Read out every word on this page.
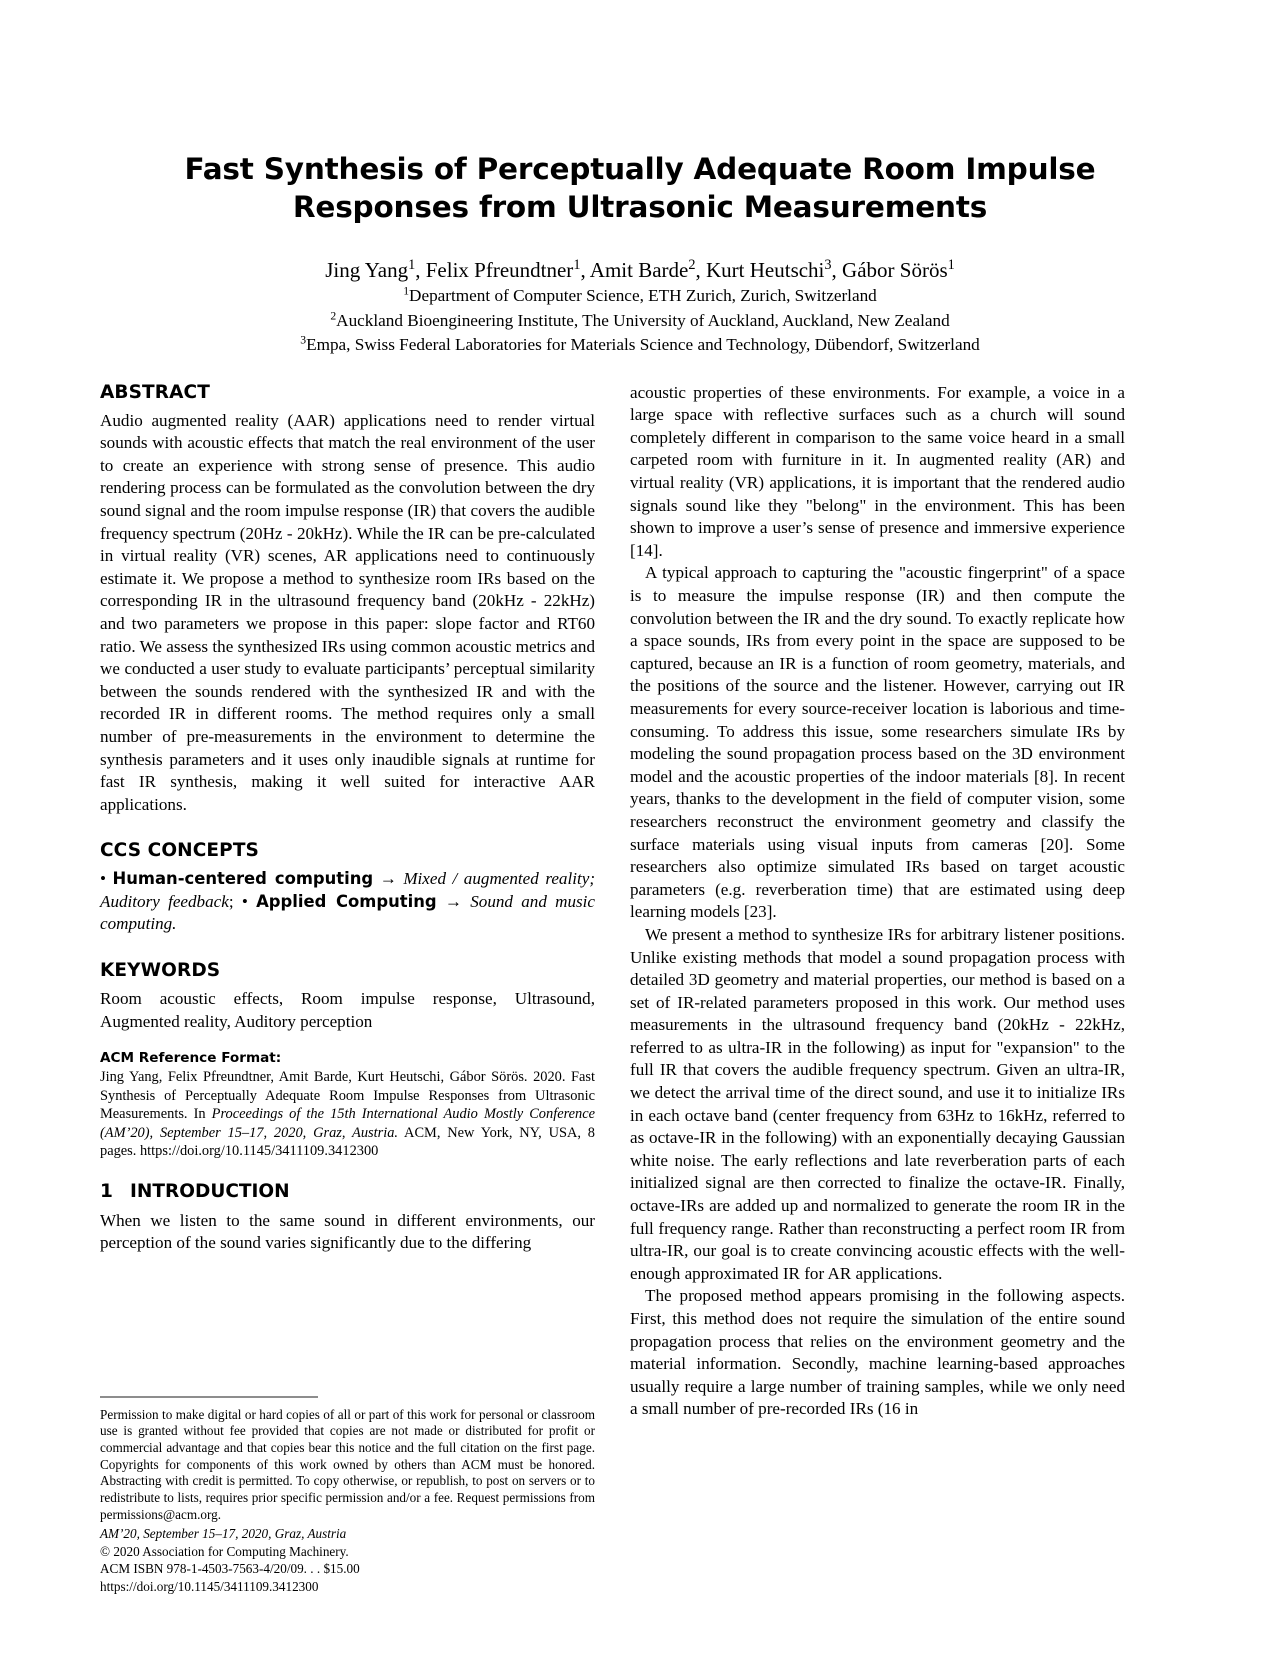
Fast Synthesis of Perceptually Adequate Room Impulse Responses from Ultrasonic Measurements
Jing Yang$^1$, Felix Pfreundtner$^1$, Amit Barde$^2$, Kurt Heutschi$^3$, Gábor Sörös$^1$
$^1$Department of Computer Science, ETH Zurich, Zurich, Switzerland
$^2$Auckland Bioengineering Institute, The University of Auckland, Auckland, New Zealand
$^3$Empa, Swiss Federal Laboratories for Materials Science and Technology, Dübendorf, Switzerland
ABSTRACT

Audio augmented reality (AAR) applications need to render virtual sounds with acoustic effects that match the real environment of the user to create an experience with strong sense of presence. This audio rendering process can be formulated as the convolution between the dry sound signal and the room impulse response (IR) that covers the audible frequency spectrum (20Hz - 20kHz). While the IR can be pre-calculated in virtual reality (VR) scenes, AR applications need to continuously estimate it. We propose a method to synthesize room IRs based on the corresponding IR in the ultrasound frequency band (20kHz - 22kHz) and two parameters we propose in this paper: slope factor and RT60 ratio. We assess the synthesized IRs using common acoustic metrics and we conducted a user study to evaluate participants’ perceptual similarity between the sounds rendered with the synthesized IR and with the recorded IR in different rooms. The method requires only a small number of pre-measurements in the environment to determine the synthesis parameters and it uses only inaudible signals at runtime for fast IR synthesis, making it well suited for interactive AAR applications.

CCS CONCEPTS

• Human-centered computing → Mixed / augmented reality; Auditory feedback; • Applied Computing → Sound and music computing.

KEYWORDS

Room acoustic effects, Room impulse response, Ultrasound, Augmented reality, Auditory perception

ACM Reference Format:

Jing Yang, Felix Pfreundtner, Amit Barde, Kurt Heutschi, Gábor Sörös. 2020. Fast Synthesis of Perceptually Adequate Room Impulse Responses from Ultrasonic Measurements. In Proceedings of the 15th International Audio Mostly Conference (AM’20), September 15–17, 2020, Graz, Austria. ACM, New York, NY, USA, 8 pages. https://doi.org/10.1145/3411109.3412300

1 INTRODUCTION

When we listen to the same sound in different environments, our perception of the sound varies significantly due to the differing

acoustic properties of these environments. For example, a voice in a large space with reflective surfaces such as a church will sound completely different in comparison to the same voice heard in a small carpeted room with furniture in it. In augmented reality (AR) and virtual reality (VR) applications, it is important that the rendered audio signals sound like they "belong" in the environment. This has been shown to improve a user’s sense of presence and immersive experience [14].

A typical approach to capturing the "acoustic fingerprint" of a space is to measure the impulse response (IR) and then compute the convolution between the IR and the dry sound. To exactly replicate how a space sounds, IRs from every point in the space are supposed to be captured, because an IR is a function of room geometry, materials, and the positions of the source and the listener. However, carrying out IR measurements for every source-receiver location is laborious and time-consuming. To address this issue, some researchers simulate IRs by modeling the sound propagation process based on the 3D environment model and the acoustic properties of the indoor materials [8]. In recent years, thanks to the development in the field of computer vision, some researchers reconstruct the environment geometry and classify the surface materials using visual inputs from cameras [20]. Some researchers also optimize simulated IRs based on target acoustic parameters (e.g. reverberation time) that are estimated using deep learning models [23].

We present a method to synthesize IRs for arbitrary listener positions. Unlike existing methods that model a sound propagation process with detailed 3D geometry and material properties, our method is based on a set of IR-related parameters proposed in this work. Our method uses measurements in the ultrasound frequency band (20kHz - 22kHz, referred to as ultra-IR in the following) as input for "expansion" to the full IR that covers the audible frequency spectrum. Given an ultra-IR, we detect the arrival time of the direct sound, and use it to initialize IRs in each octave band (center frequency from 63Hz to 16kHz, referred to as octave-IR in the following) with an exponentially decaying Gaussian white noise. The early reflections and late reverberation parts of each initialized signal are then corrected to finalize the octave-IR. Finally, octave-IRs are added up and normalized to generate the room IR in the full frequency range. Rather than reconstructing a perfect room IR from ultra-IR, our goal is to create convincing acoustic effects with the well-enough approximated IR for AR applications.

The proposed method appears promising in the following aspects. First, this method does not require the simulation of the entire sound propagation process that relies on the environment geometry and the material information. Secondly, machine learning-based approaches usually require a large number of training samples, while we only need a small number of pre-recorded IRs (16 in

Permission to make digital or hard copies of all or part of this work for personal or classroom use is granted without fee provided that copies are not made or distributed for profit or commercial advantage and that copies bear this notice and the full citation on the first page. Copyrights for components of this work owned by others than ACM must be honored. Abstracting with credit is permitted. To copy otherwise, or republish, to post on servers or to redistribute to lists, requires prior specific permission and/or a fee. Request permissions from permissions@acm.org.

AM’20, September 15–17, 2020, Graz, Austria
© 2020 Association for Computing Machinery.
ACM ISBN 978-1-4503-7563-4/20/09. . . $15.00
https://doi.org/10.1145/3411109.3412300
